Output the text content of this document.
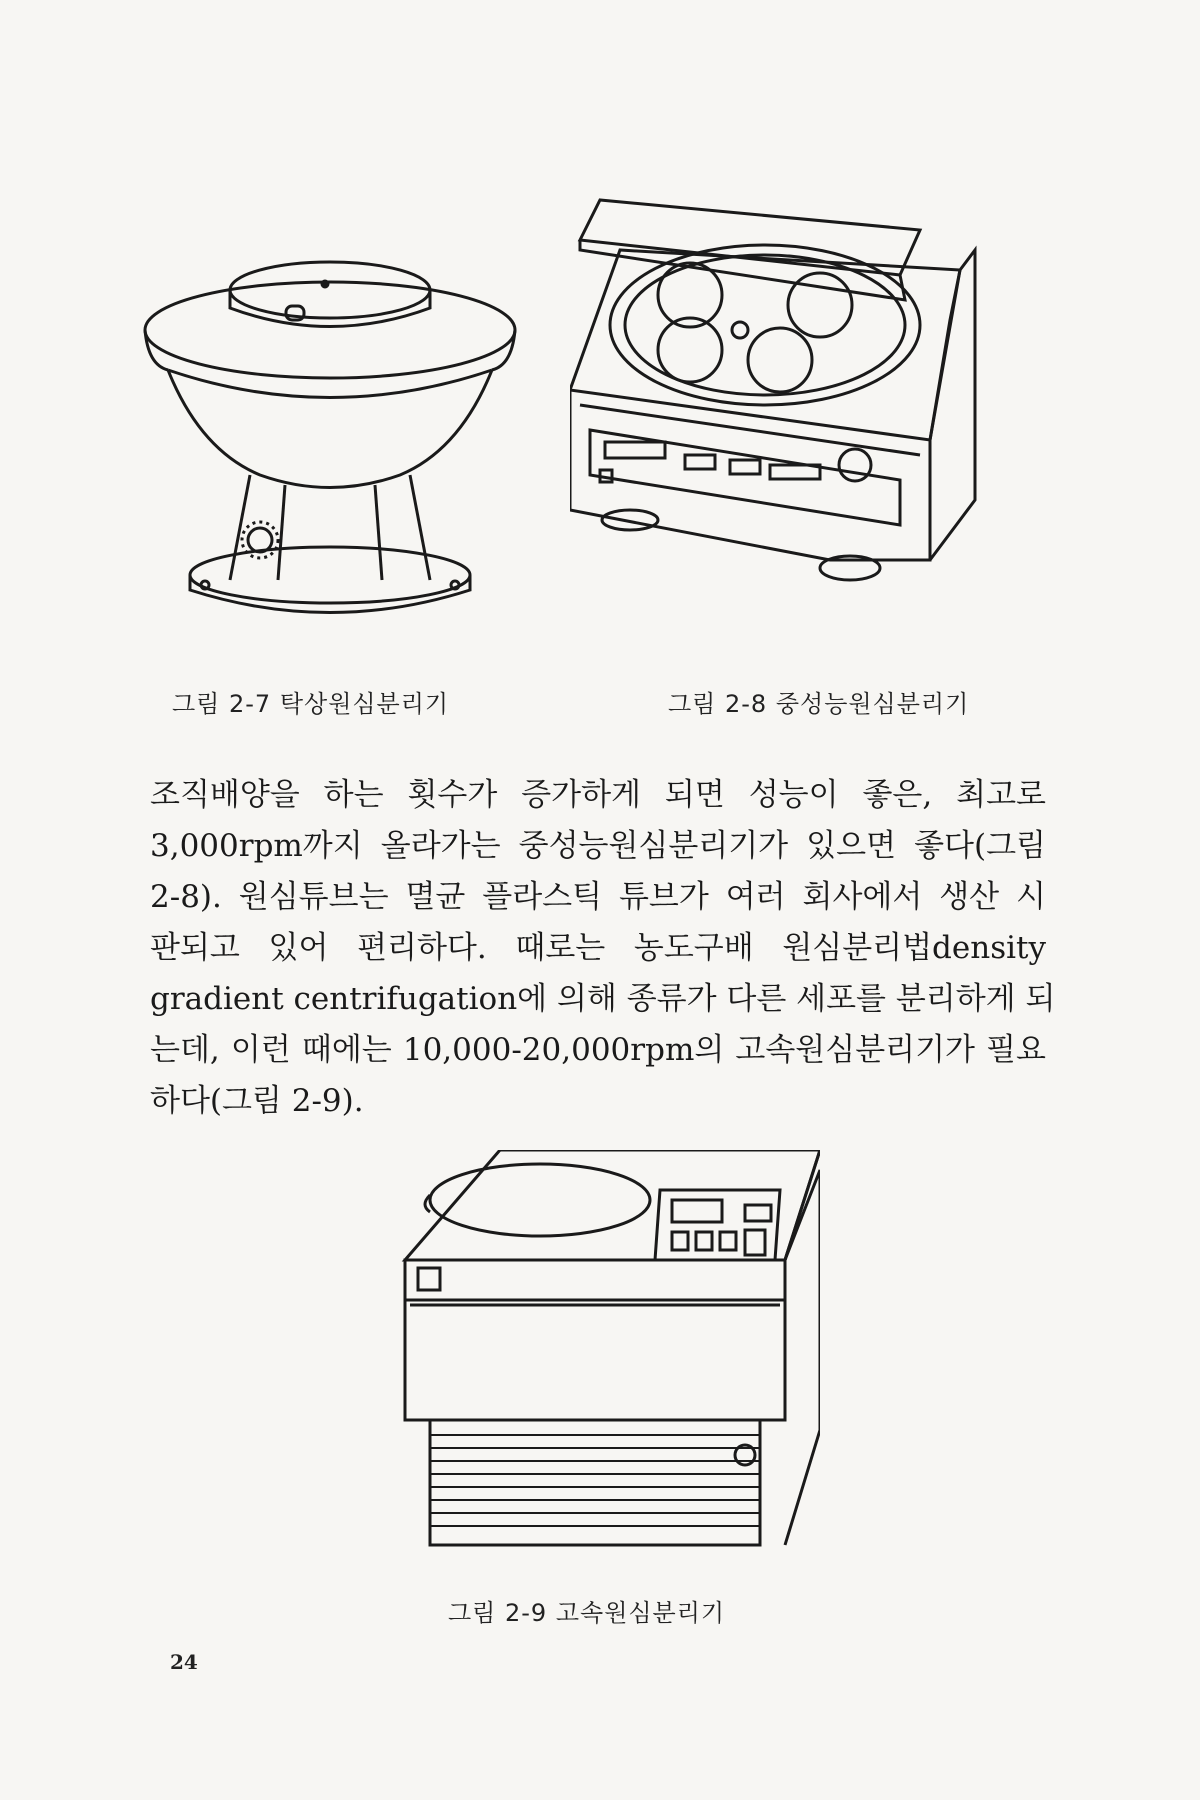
그림 2-7 탁상원심분리기	그림 2-8 중성능원심분리기
조직배양을 하는 횟수가 증가하게 되면 성능이 좋은, 최고로
3,000rpm까지 올라가는 중성능원심분리기가 있으면 좋다(그림
2-8). 원심튜브는 멸균 플라스틱 튜브가 여러 회사에서 생산 시
판되고 있어 편리하다. 때로는 농도구배 원심분리법density
gradient centrifugation에 의해 종류가 다른 세포를 분리하게 되
는데, 이런 때에는 10,000-20,000rpm의 고속원심분리기가 필요
하다(그림 2-9).
그림 2-9 고속원심분리기
24
